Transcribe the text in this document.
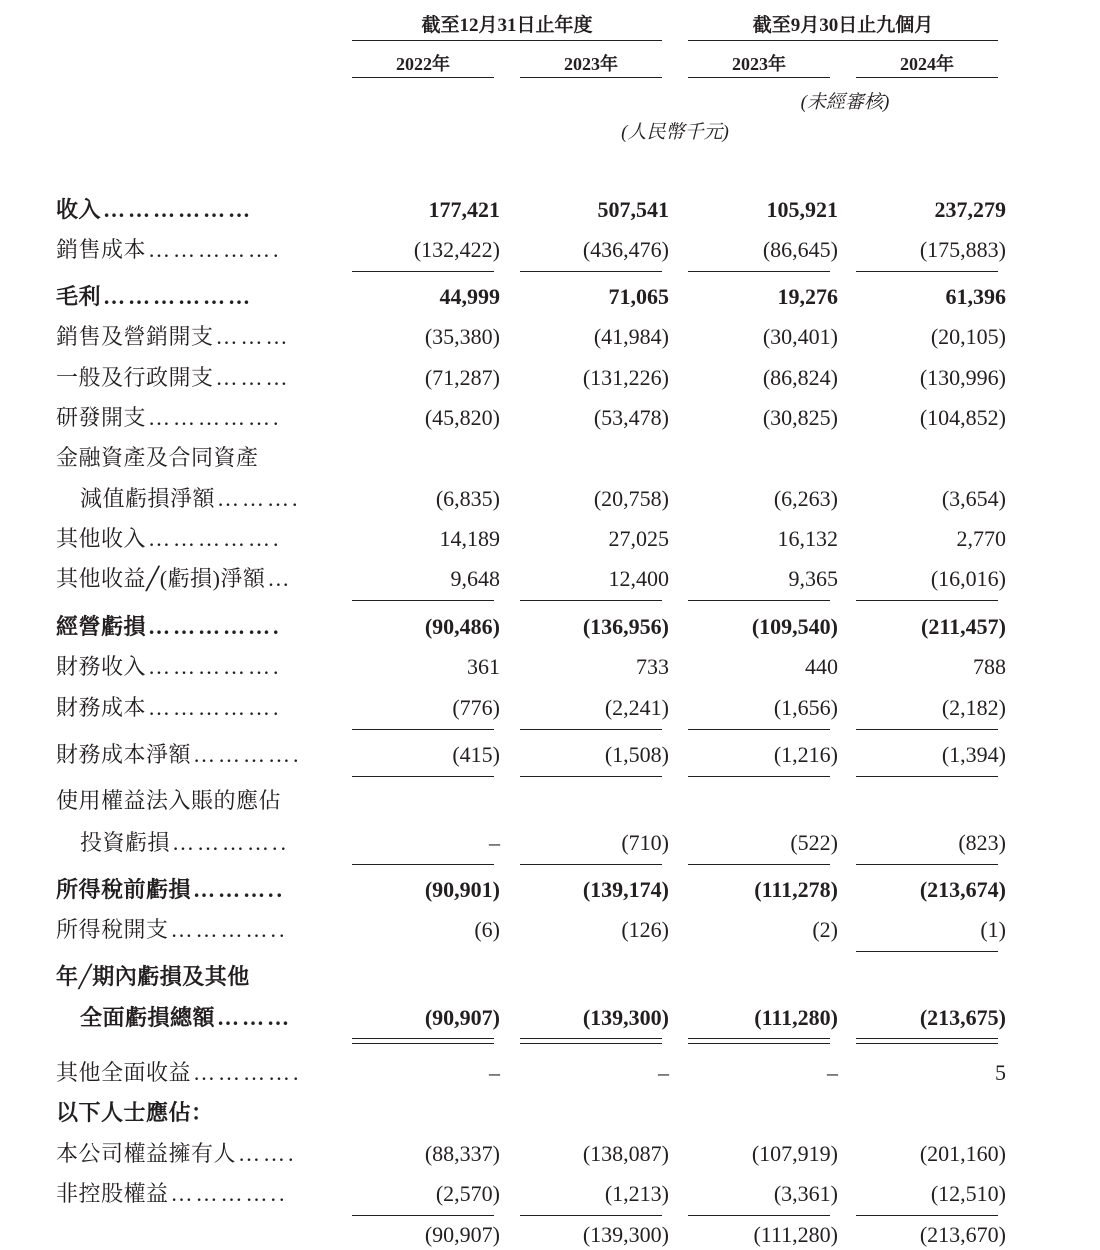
截至12月31日止年度	截至9月30日止九個月
2022年	2023年	2023年	2024年
(未經審核)
(人民幣千元)
收入………………	177,421	507,541	105,921	237,279
銷售成本…………….	(132,422)	(436,476)	(86,645)	(175,883)
毛利………………	44,999	71,065	19,276	61,396
銷售及營銷開支………	(35,380)	(41,984)	(30,401)	(20,105)
一般及行政開支………	(71,287)	(131,226)	(86,824)	(130,996)
研發開支…………….	(45,820)	(53,478)	(30,825)	(104,852)
金融資產及合同資產
減值虧損淨額……….	(6,835)	(20,758)	(6,263)	(3,654)
其他收入…………….	14,189	27,025	16,132	2,770
其他收益╱(虧損)淨額…	9,648	12,400	9,365	(16,016)
經營虧損…………….	(90,486)	(136,956)	(109,540)	(211,457)
財務收入…………….	361	733	440	788
財務成本…………….	(776)	(2,241)	(1,656)	(2,182)
財務成本淨額………….	(415)	(1,508)	(1,216)	(1,394)
使用權益法入賬的應佔
投資虧損…………..	–	(710)	(522)	(823)
所得稅前虧損………..	(90,901)	(139,174)	(111,278)	(213,674)
所得稅開支…………..	(6)	(126)	(2)	(1)
年╱期內虧損及其他
全面虧損總額………	(90,907)	(139,300)	(111,280)	(213,675)
其他全面收益………….	–	–	–	5
以下人士應佔：
本公司權益擁有人…….	(88,337)	(138,087)	(107,919)	(201,160)
非控股權益…………..	(2,570)	(1,213)	(3,361)	(12,510)
(90,907)	(139,300)	(111,280)	(213,670)
